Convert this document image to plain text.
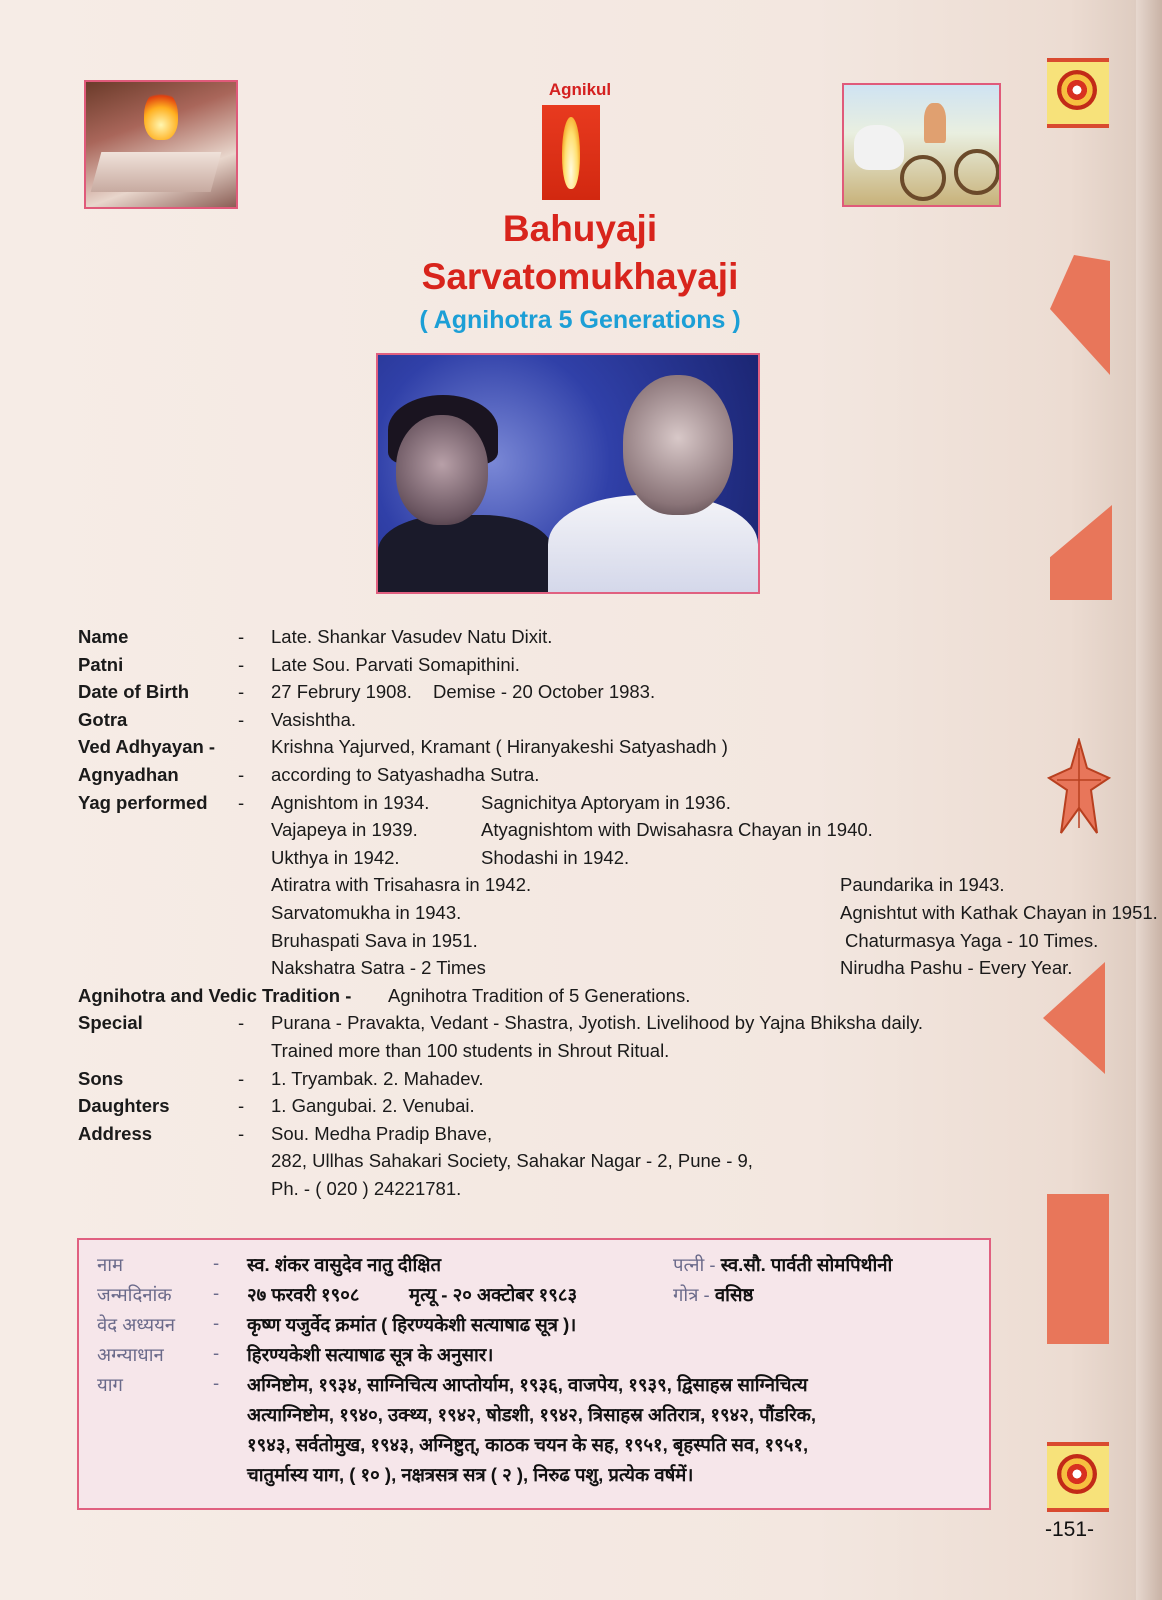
Agnikul
Bahuyaji
Sarvatomukhayaji
( Agnihotra 5 Generations )
Name	- Late. Shankar Vasudev Natu Dixit.
Patni	- Late Sou. Parvati Somapithini.
Date of Birth	- 27 Februry 1908. Demise - 20 October 1983.
Gotra	- Vasishtha.
Ved Adhyayan -	Krishna Yajurved, Kramant ( Hiranyakeshi Satyashadh )
Agnyadhan	- according to Satyashadha Sutra.
Yag performed - Agnishtom in 1934.	Sagnichitya Aptoryam in 1936.
Vajapeya in 1939.	Atyagnishtom with Dwisahasra Chayan in 1940.
Ukthya in 1942.	Shodashi in 1942.
Atiratra with Trisahasra in 1942.	Paundarika in 1943.
Sarvatomukha in 1943.	Agnishtut with Kathak Chayan in 1951.
Bruhaspati Sava in 1951.	Chaturmasya Yaga - 10 Times.
Nakshatra Satra - 2 Times	Nirudha Pashu - Every Year.
Agnihotra and Vedic Tradition - Agnihotra Tradition of 5 Generations.
Special	- Purana - Pravakta, Vedant - Shastra, Jyotish. Livelihood by Yajna Bhiksha daily.
Trained more than 100 students in Shrout Ritual.
Sons	- 1. Tryambak. 2. Mahadev.
Daughters	- 1. Gangubai. 2. Venubai.
Address	- Sou. Medha Pradip Bhave,
282, Ullhas Sahakari Society, Sahakar Nagar - 2, Pune - 9,
Ph. - ( 020 ) 24221781.
नाम	- स्व. शंकर वासुदेव नातु दीक्षित	पत्नी - स्व.सौ. पार्वती सोमपिथीनी
जन्मदिनांक - २७ फरवरी १९०८	मृत्यू - २० अक्टोबर १९८३	गोत्र - वसिष्ठ
वेद अध्ययन - कृष्ण यजुर्वेद क्रमांत ( हिरण्यकेशी सत्याषाढ सूत्र )।
अग्न्याधान	- हिरण्यकेशी सत्याषाढ सूत्र के अनुसार।
याग	- अग्निष्टोम, १९३४, साग्निचित्य आप्तोर्याम, १९३६, वाजपेय, १९३९, द्विसाहस्र साग्निचित्य
अत्याग्निष्टोम, १९४०, उक्थ्य, १९४२, षोडशी, १९४२, त्रिसाहस्र अतिरात्र, १९४२, पौंडरिक,
१९४३, सर्वतोमुख, १९४३, अग्निष्टुत्, काठक चयन के सह, १९५१, बृहस्पति सव, १९५१,
चातुर्मास्य याग, ( १० ), नक्षत्रसत्र सत्र ( २ ), निरुढ पशु, प्रत्येक वर्षमें।
-151-
